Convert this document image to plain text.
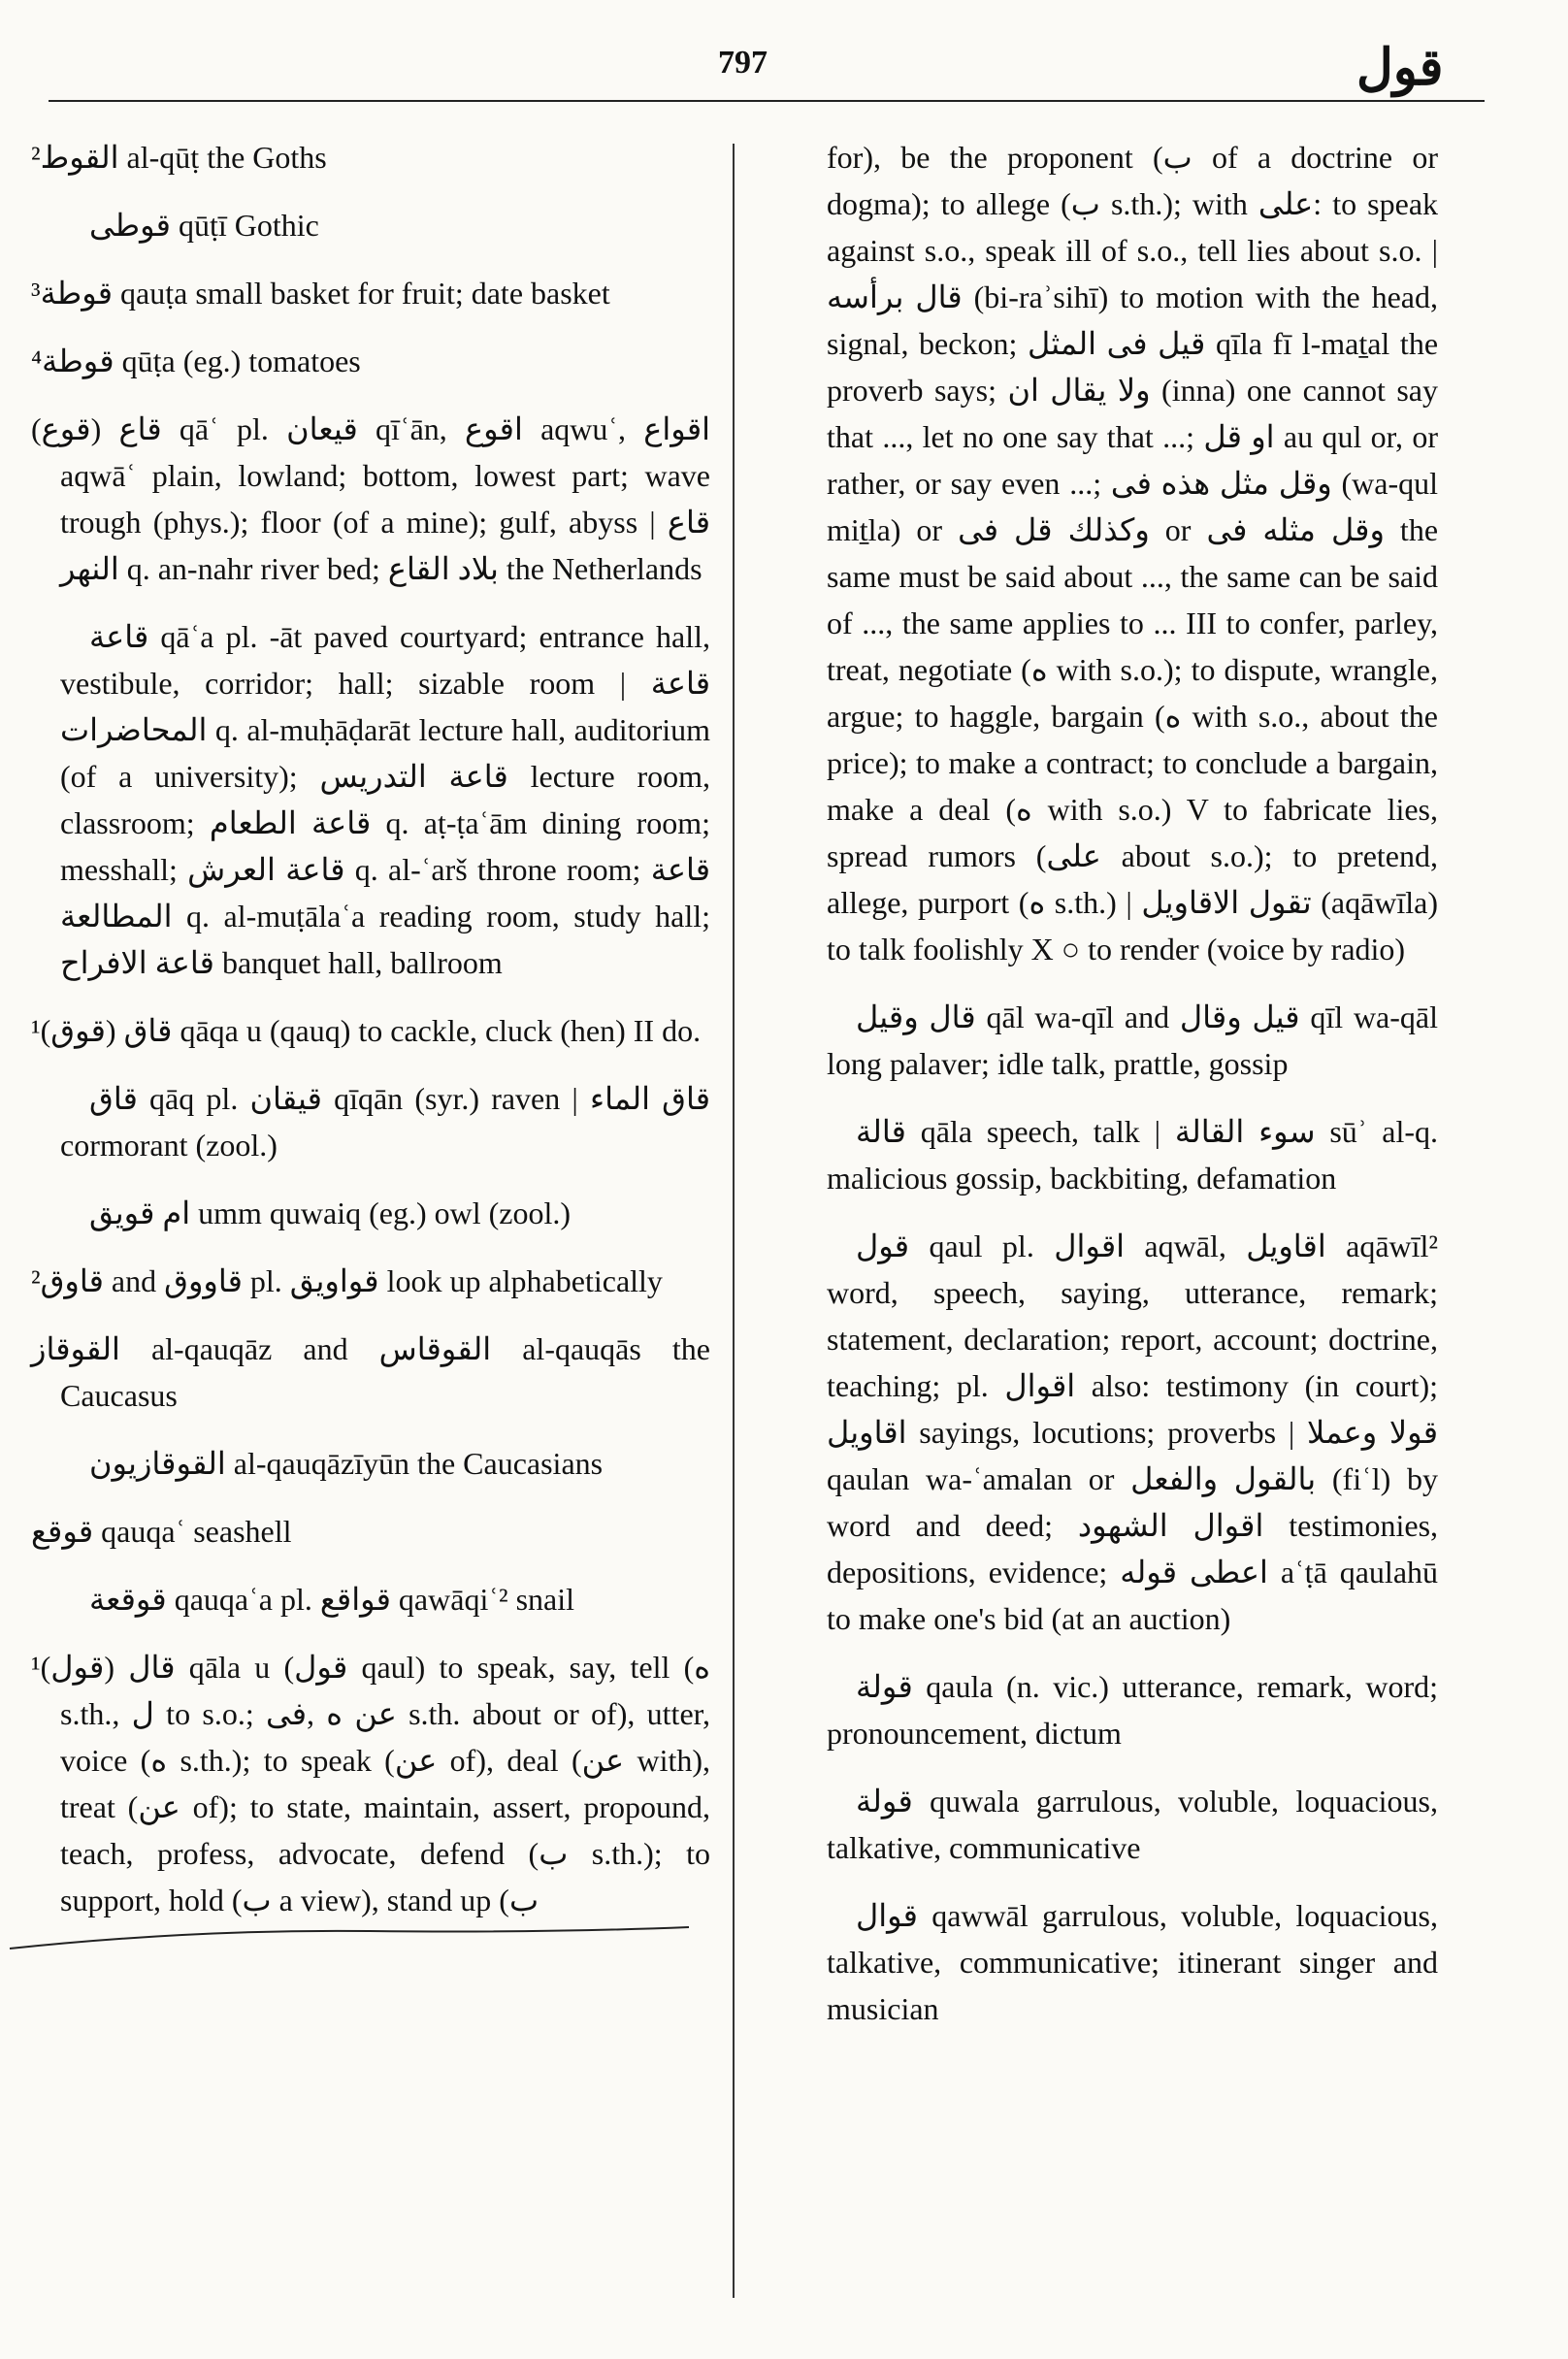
797	قول

²القوط al-qūṭ the Goths

قوطى qūṭī Gothic

³قوطة qauṭa small basket for fruit; date basket

⁴قوطة qūṭa (eg.) tomatoes

(قوع) قاع qāʿ pl. قيعان qīʿān, اقوع aqwuʿ, اقواع aqwāʿ plain, lowland; bottom, lowest part; wave trough (phys.); floor (of a mine); gulf, abyss | قاع النهر q. an-nahr river bed; بلاد القاع the Netherlands

قاعة qāʿa pl. -āt paved courtyard; entrance hall, vestibule, corridor; hall; sizable room | قاعة المحاضرات q. al-muḥāḍarāt lecture hall, auditorium (of a university); قاعة التدريس lecture room, classroom; قاعة الطعام q. aṭ-ṭaʿām dining room; messhall; قاعة العرش q. al-ʿarš throne room; قاعة المطالعة q. al-muṭālaʿa reading room, study hall; قاعة الافراح banquet hall, ballroom

¹(قوق) قاق qāqa u (qauq) to cackle, cluck (hen) II do.

قاق qāq pl. قيقان qīqān (syr.) raven | قاق الماء cormorant (zool.)

ام قويق umm quwaiq (eg.) owl (zool.)

²قاوق and قاووق pl. قواويق look up alphabetically

القوقاز al-qauqāz and القوقاس al-qauqās the Caucasus

القوقازيون al-qauqāzīyūn the Caucasians

قوقع qauqaʿ seashell

قوقعة qauqaʿa pl. قواقع qawāqiʿ² snail

¹(قول) قال qāla u (قول qaul) to speak, say, tell (ه s.th., ل to s.o.; عن ه ,فى s.th. about or of), utter, voice (ه s.th.); to speak (عن of), deal (عن with), treat (عن of); to state, maintain, assert, propound, teach, profess, advocate, defend (ب s.th.); to support, hold (ب a view), stand up (ب

for), be the proponent (ب of a doctrine or dogma); to allege (ب s.th.); with على: to speak against s.o., speak ill of s.o., tell lies about s.o. | قال برأسه (bi-raʾsihī) to motion with the head, signal, beckon; قيل فى المثل qīla fī l-maṯal the proverb says; ولا يقال ان (inna) one cannot say that ..., let no one say that ...; او قل au qul or, or rather, or say even ...; وقل مثل هذه فى (wa-qul miṯla) or وكذلك قل فى or وقل مثله فى the same must be said about ..., the same can be said of ..., the same applies to ... III to confer, parley, treat, negotiate (ه with s.o.); to dispute, wrangle, argue; to haggle, bargain (ه with s.o., about the price); to make a contract; to conclude a bargain, make a deal (ه with s.o.) V to fabricate lies, spread rumors (على about s.o.); to pretend, allege, purport (ه s.th.) | تقول الاقاويل (aqāwīla) to talk foolishly X ○ to render (voice by radio)

قال وقيل qāl wa-qīl and قيل وقال qīl wa-qāl long palaver; idle talk, prattle, gossip

قالة qāla speech, talk | سوء القالة sūʾ al-q. malicious gossip, backbiting, defamation

قول qaul pl. اقوال aqwāl, اقاويل aqāwīl² word, speech, saying, utterance, remark; statement, declaration; report, account; doctrine, teaching; pl. اقوال also: testimony (in court); اقاويل sayings, locutions; proverbs | قولا وعملا qaulan wa-ʿamalan or بالقول والفعل (fiʿl) by word and deed; اقوال الشهود testimonies, depositions, evidence; اعطى قوله aʿṭā qaulahū to make one's bid (at an auction)

قولة qaula (n. vic.) utterance, remark, word; pronouncement, dictum

قولة quwala garrulous, voluble, loquacious, talkative, communicative

قوال qawwāl garrulous, voluble, loquacious, talkative, communicative; itinerant singer and musician
